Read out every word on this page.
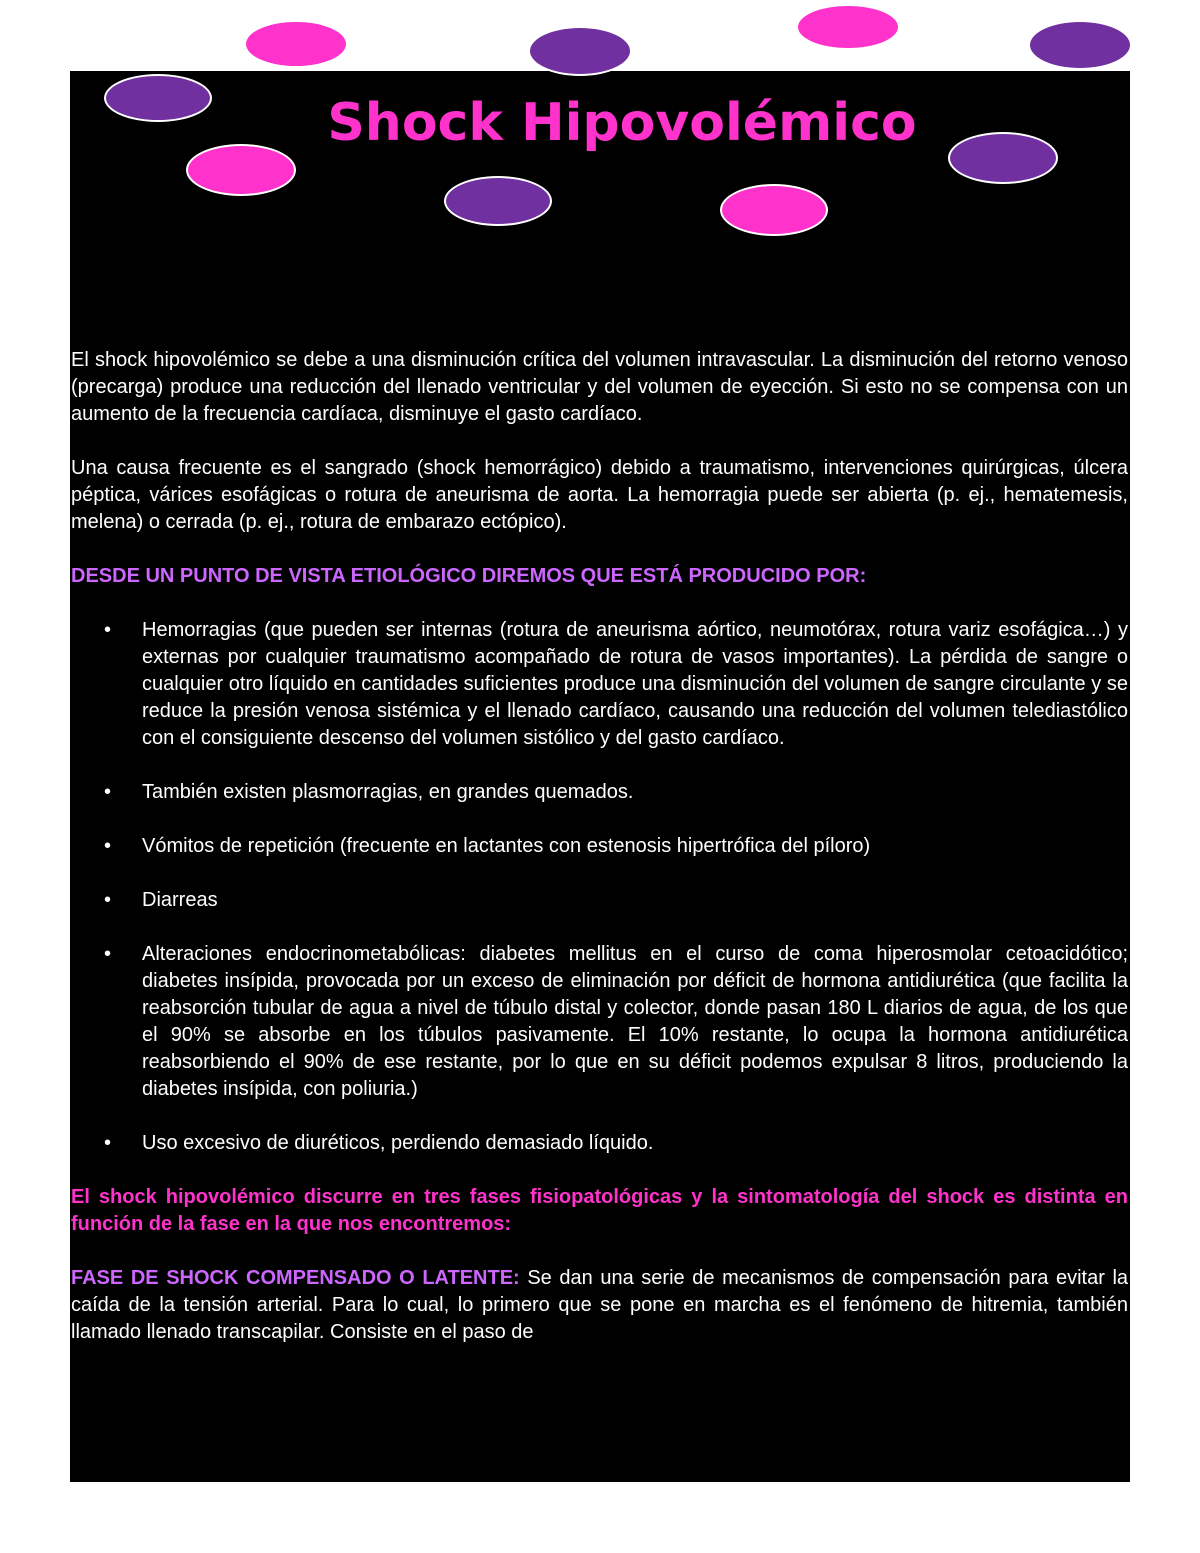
Shock Hipovolémico

El shock hipovolémico se debe a una disminución crítica del volumen intravascular. La disminución del retorno venoso (precarga) produce una reducción del llenado ventricular y del volumen de eyección. Si esto no se compensa con un aumento de la frecuencia cardíaca, disminuye el gasto cardíaco.

Una causa frecuente es el sangrado (shock hemorrágico) debido a traumatismo, intervenciones quirúrgicas, úlcera péptica, várices esofágicas o rotura de aneurisma de aorta. La hemorragia puede ser abierta (p. ej., hematemesis, melena) o cerrada (p. ej., rotura de embarazo ectópico).

DESDE UN PUNTO DE VISTA ETIOLÓGICO DIREMOS QUE ESTÁ PRODUCIDO POR:

• Hemorragias (que pueden ser internas (rotura de aneurisma aórtico, neumotórax, rotura variz esofágica…) y externas por cualquier traumatismo acompañado de rotura de vasos importantes). La pérdida de sangre o cualquier otro líquido en cantidades suficientes produce una disminución del volumen de sangre circulante y se reduce la presión venosa sistémica y el llenado cardíaco, causando una reducción del volumen telediastólico con el consiguiente descenso del volumen sistólico y del gasto cardíaco.
• También existen plasmorragias, en grandes quemados.
• Vómitos de repetición (frecuente en lactantes con estenosis hipertrófica del píloro)
• Diarreas
• Alteraciones endocrinometabólicas: diabetes mellitus en el curso de coma hiperosmolar cetoacidótico; diabetes insípida, provocada por un exceso de eliminación por déficit de hormona antidiurética (que facilita la reabsorción tubular de agua a nivel de túbulo distal y colector, donde pasan 180 L diarios de agua, de los que el 90% se absorbe en los túbulos pasivamente. El 10% restante, lo ocupa la hormona antidiurética reabsorbiendo el 90% de ese restante, por lo que en su déficit podemos expulsar 8 litros, produciendo la diabetes insípida, con poliuria.)
• Uso excesivo de diuréticos, perdiendo demasiado líquido.

El shock hipovolémico discurre en tres fases fisiopatológicas y la sintomatología del shock es distinta en función de la fase en la que nos encontremos:

FASE DE SHOCK COMPENSADO O LATENTE: Se dan una serie de mecanismos de compensación para evitar la caída de la tensión arterial. Para lo cual, lo primero que se pone en marcha es el fenómeno de hitremia, también llamado llenado transcapilar. Consiste en el paso de
